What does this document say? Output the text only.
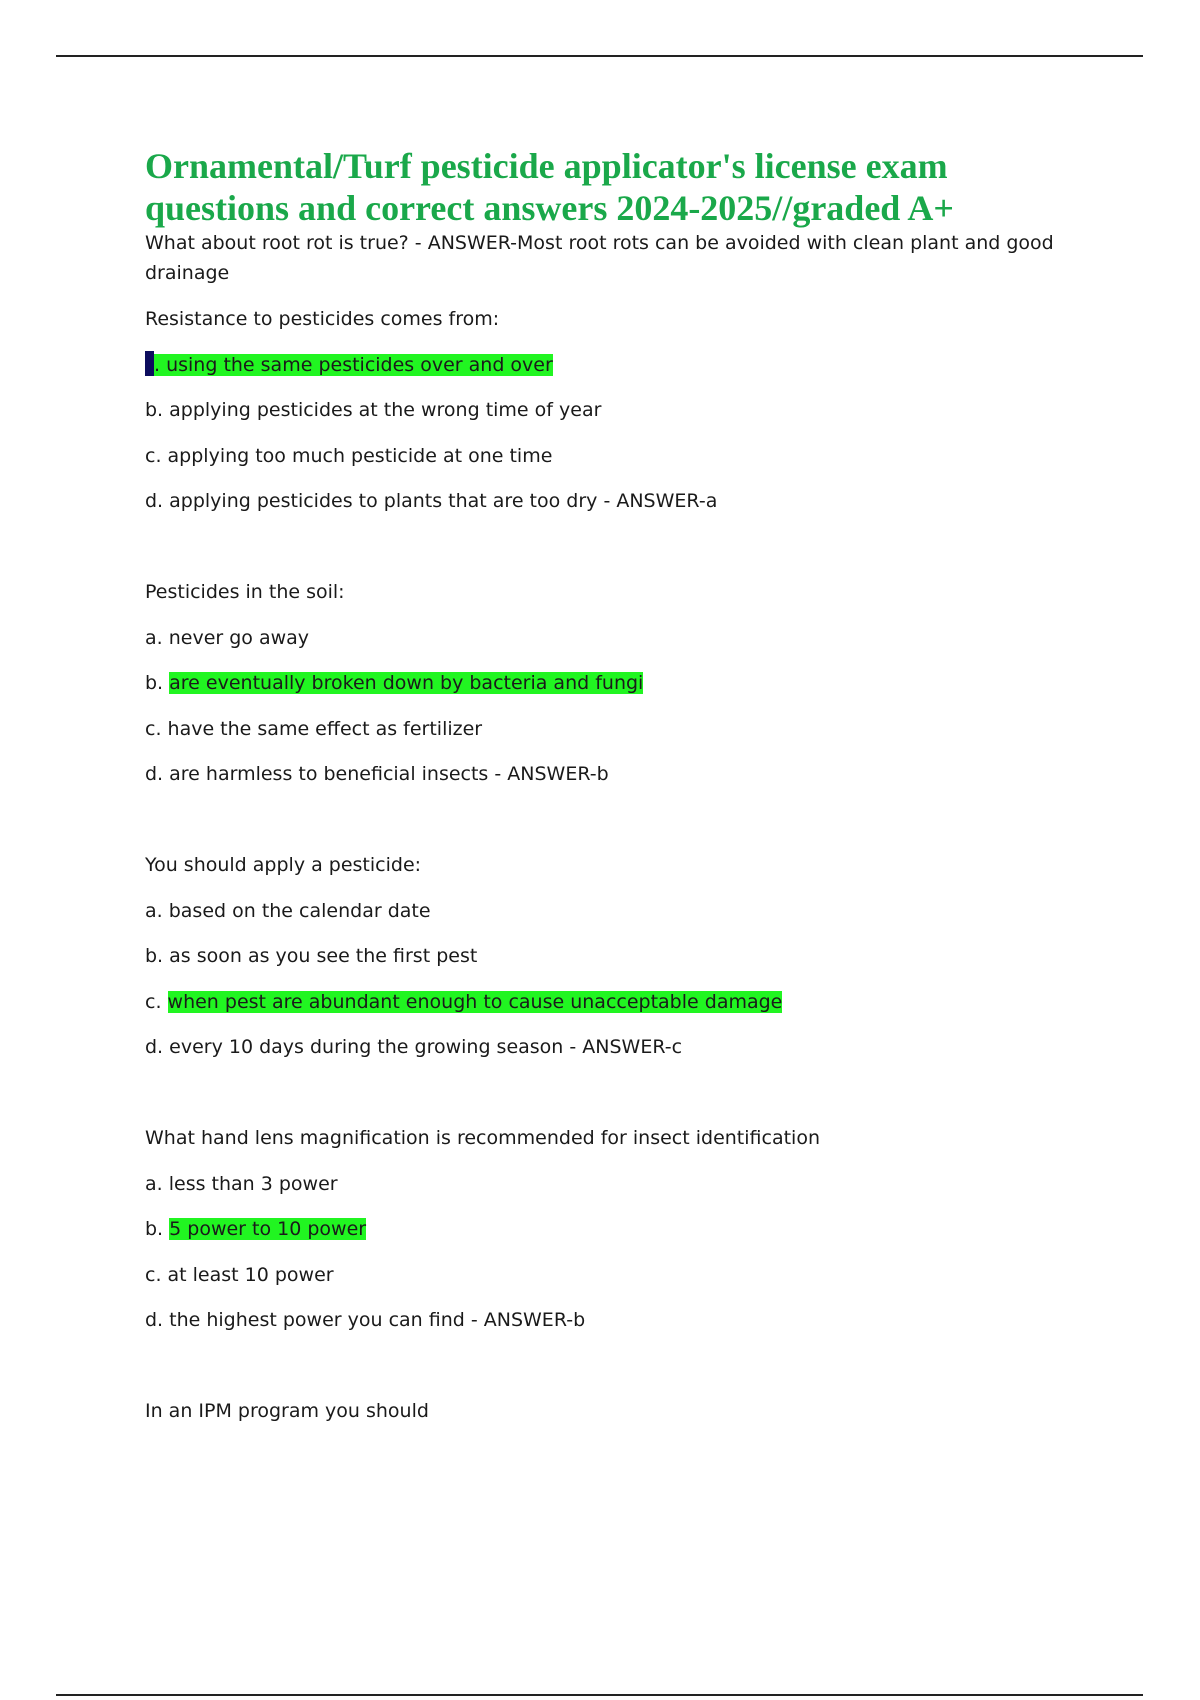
Ornamental/Turf pesticide applicator's license exam questions and correct answers 2024-2025//graded A+
What about root rot is true? - ANSWER-Most root rots can be avoided with clean plant and good
drainage
Resistance to pesticides comes from:
. using the same pesticides over and over
b. applying pesticides at the wrong time of year
c. applying too much pesticide at one time
d. applying pesticides to plants that are too dry - ANSWER-a
Pesticides in the soil:
a. never go away
b. are eventually broken down by bacteria and fungi
c. have the same effect as fertilizer
d. are harmless to beneficial insects - ANSWER-b
You should apply a pesticide:
a. based on the calendar date
b. as soon as you see the first pest
c. when pest are abundant enough to cause unacceptable damage
d. every 10 days during the growing season - ANSWER-c
What hand lens magnification is recommended for insect identification
a. less than 3 power
b. 5 power to 10 power
c. at least 10 power
d. the highest power you can find - ANSWER-b
In an IPM program you should
